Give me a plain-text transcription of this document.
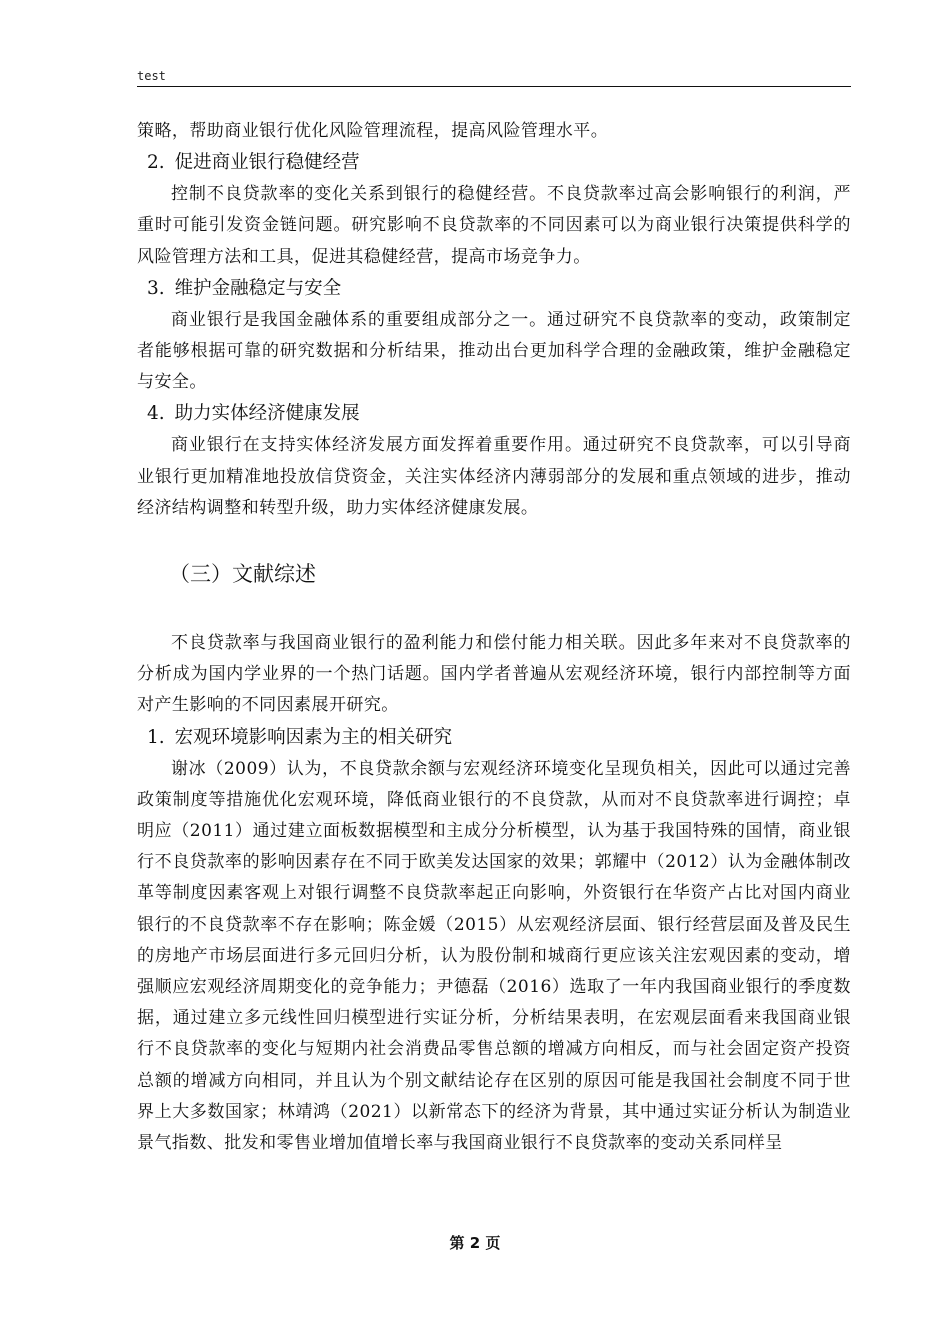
test

策略，帮助商业银行优化风险管理流程，提高风险管理水平。

2. 促进商业银行稳健经营

控制不良贷款率的变化关系到银行的稳健经营。不良贷款率过高会影响银行的利润，严重时可能引发资金链问题。研究影响不良贷款率的不同因素可以为商业银行决策提供科学的风险管理方法和工具，促进其稳健经营，提高市场竞争力。

3. 维护金融稳定与安全

商业银行是我国金融体系的重要组成部分之一。通过研究不良贷款率的变动，政策制定者能够根据可靠的研究数据和分析结果，推动出台更加科学合理的金融政策，维护金融稳定与安全。

4. 助力实体经济健康发展

商业银行在支持实体经济发展方面发挥着重要作用。通过研究不良贷款率，可以引导商业银行更加精准地投放信贷资金，关注实体经济内薄弱部分的发展和重点领域的进步，推动经济结构调整和转型升级，助力实体经济健康发展。

（三）文献综述

不良贷款率与我国商业银行的盈利能力和偿付能力相关联。因此多年来对不良贷款率的分析成为国内学业界的一个热门话题。国内学者普遍从宏观经济环境，银行内部控制等方面对产生影响的不同因素展开研究。

1. 宏观环境影响因素为主的相关研究

谢冰（2009）认为，不良贷款余额与宏观经济环境变化呈现负相关，因此可以通过完善政策制度等措施优化宏观环境，降低商业银行的不良贷款，从而对不良贷款率进行调控；卓明应（2011）通过建立面板数据模型和主成分分析模型，认为基于我国特殊的国情，商业银行不良贷款率的影响因素存在不同于欧美发达国家的效果；郭耀中（2012）认为金融体制改革等制度因素客观上对银行调整不良贷款率起正向影响，外资银行在华资产占比对国内商业银行的不良贷款率不存在影响；陈金媛（2015）从宏观经济层面、银行经营层面及普及民生的房地产市场层面进行多元回归分析，认为股份制和城商行更应该关注宏观因素的变动，增强顺应宏观经济周期变化的竞争能力；尹德磊（2016）选取了一年内我国商业银行的季度数据，通过建立多元线性回归模型进行实证分析，分析结果表明，在宏观层面看来我国商业银行不良贷款率的变化与短期内社会消费品零售总额的增减方向相反，而与社会固定资产投资总额的增减方向相同，并且认为个别文献结论存在区别的原因可能是我国社会制度不同于世界上大多数国家；林靖鸿（2021）以新常态下的经济为背景，其中通过实证分析认为制造业景气指数、批发和零售业增加值增长率与我国商业银行不良贷款率的变动关系同样呈

第 2 页
